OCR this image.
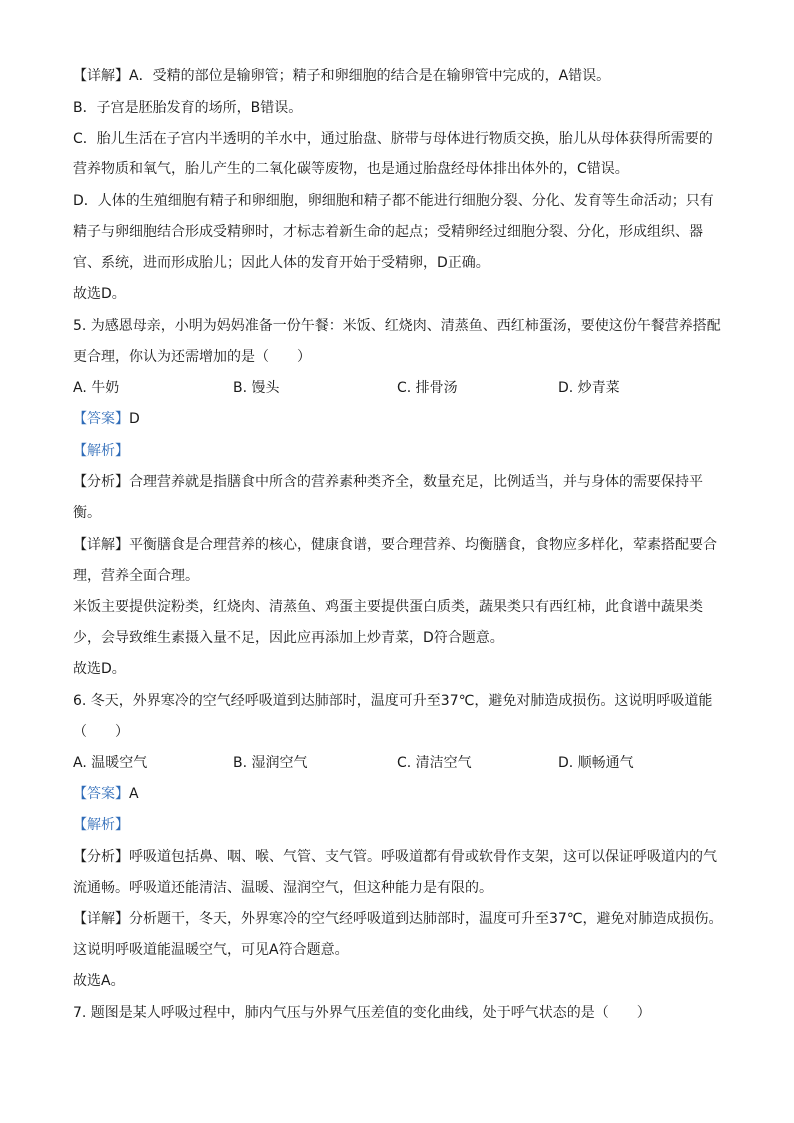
【详解】A．受精的部位是输卵管；精子和卵细胞的结合是在输卵管中完成的，A错误。
B．子宫是胚胎发育的场所，B错误。
C．胎儿生活在子宫内半透明的羊水中，通过胎盘、脐带与母体进行物质交换，胎儿从母体获得所需要的
营养物质和氧气，胎儿产生的二氧化碳等废物，也是通过胎盘经母体排出体外的，C错误。
D．人体的生殖细胞有精子和卵细胞，卵细胞和精子都不能进行细胞分裂、分化、发育等生命活动；只有
精子与卵细胞结合形成受精卵时，才标志着新生命的起点；受精卵经过细胞分裂、分化，形成组织、器
官、系统，进而形成胎儿；因此人体的发育开始于受精卵，D正确。
故选D。
5. 为感恩母亲，小明为妈妈准备一份午餐：米饭、红烧肉、清蒸鱼、西红柿蛋汤，要使这份午餐营养搭配
更合理，你认为还需增加的是（　　）
A. 牛奶	B. 馒头	C. 排骨汤	D. 炒青菜
【答案】D
【解析】
【分析】合理营养就是指膳食中所含的营养素种类齐全，数量充足，比例适当，并与身体的需要保持平
衡。
【详解】平衡膳食是合理营养的核心，健康食谱，要合理营养、均衡膳食，食物应多样化，荤素搭配要合
理，营养全面合理。
米饭主要提供淀粉类，红烧肉、清蒸鱼、鸡蛋主要提供蛋白质类，蔬果类只有西红柿，此食谱中蔬果类
少，会导致维生素摄入量不足，因此应再添加上炒青菜，D符合题意。
故选D。
6. 冬天，外界寒冷的空气经呼吸道到达肺部时，温度可升至37℃，避免对肺造成损伤。这说明呼吸道能
（　　）
A. 温暖空气	B. 湿润空气	C. 清洁空气	D. 顺畅通气
【答案】A
【解析】
【分析】呼吸道包括鼻、咽、喉、气管、支气管。呼吸道都有骨或软骨作支架，这可以保证呼吸道内的气
流通畅。呼吸道还能清洁、温暖、湿润空气，但这种能力是有限的。
【详解】分析题干，冬天，外界寒冷的空气经呼吸道到达肺部时，温度可升至37℃，避免对肺造成损伤。
这说明呼吸道能温暖空气，可见A符合题意。
故选A。
7. 题图是某人呼吸过程中，肺内气压与外界气压差值的变化曲线，处于呼气状态的是（　　）
